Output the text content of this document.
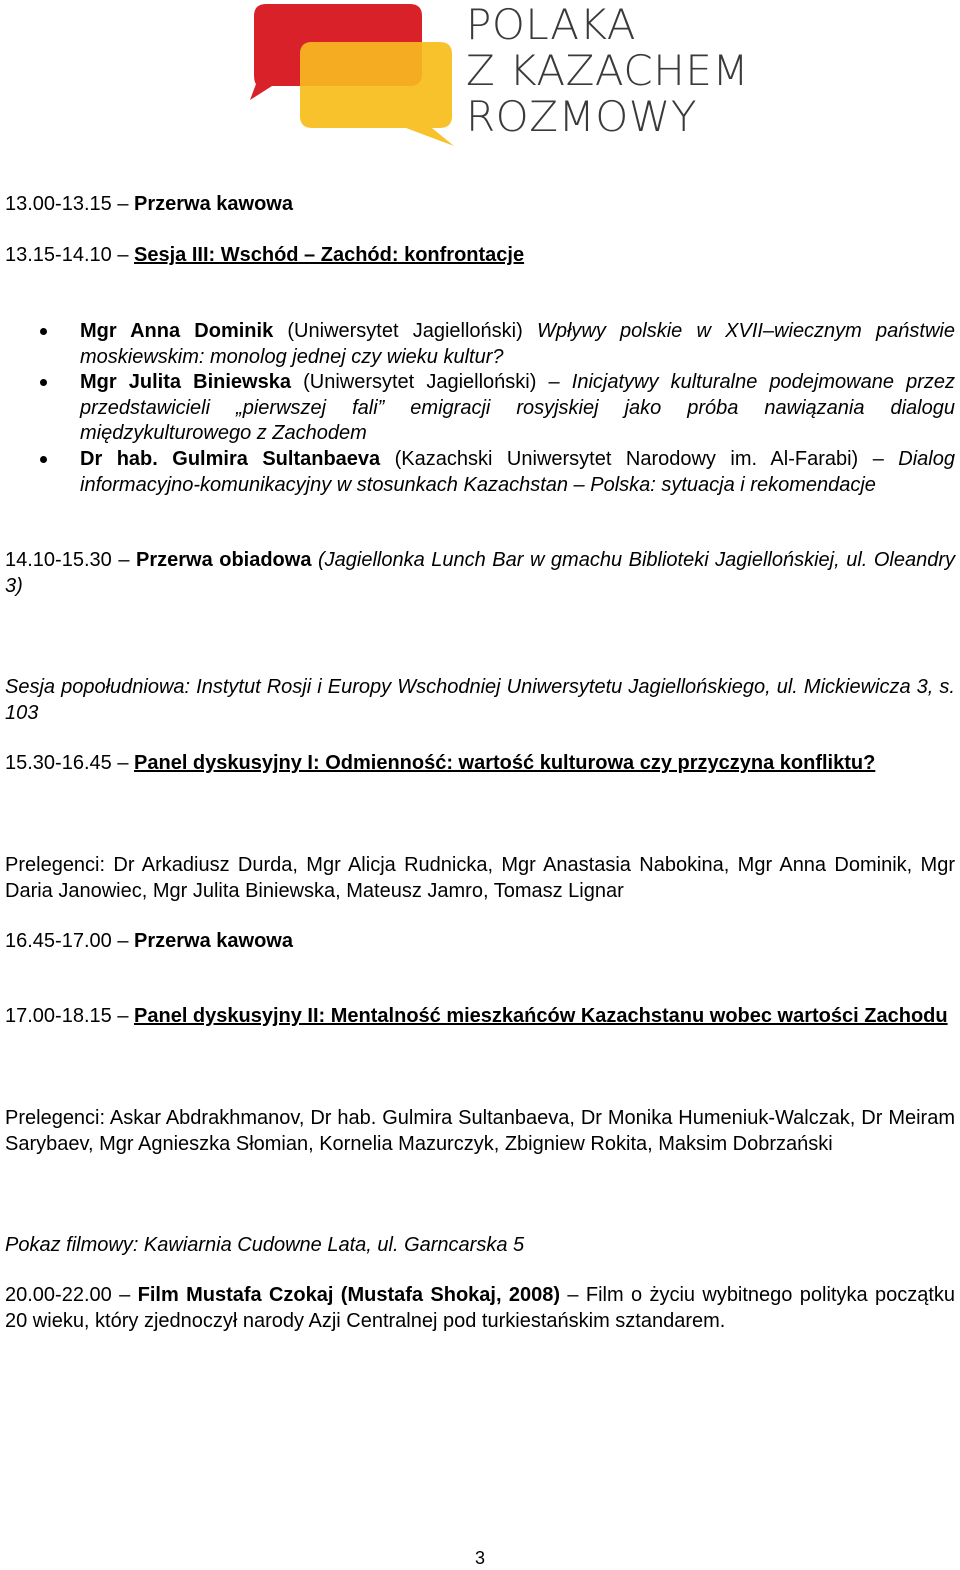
POLAKA
Z KAZACHEM
ROZMOWY
13.00-13.15 – Przerwa kawowa
13.15-14.10 – Sesja III: Wschód – Zachód: konfrontacje
Mgr Anna Dominik (Uniwersytet Jagielloński) Wpływy polskie w XVII–wiecznym państwie moskiewskim: monolog jednej czy wieku kultur?
Mgr Julita Biniewska (Uniwersytet Jagielloński) – Inicjatywy kulturalne podejmowane przez przedstawicieli „pierwszej fali” emigracji rosyjskiej jako próba nawiązania dialogu międzykulturowego z Zachodem
Dr hab. Gulmira Sultanbaeva (Kazachski Uniwersytet Narodowy im. Al-Farabi) – Dialog informacyjno-komunikacyjny w stosunkach Kazachstan – Polska: sytuacja i rekomendacje
14.10-15.30 – Przerwa obiadowa (Jagiellonka Lunch Bar w gmachu Biblioteki Jagiellońskiej, ul. Oleandry 3)
Sesja popołudniowa: Instytut Rosji i Europy Wschodniej Uniwersytetu Jagiellońskiego, ul. Mickiewicza 3, s. 103
15.30-16.45 – Panel dyskusyjny I: Odmienność: wartość kulturowa czy przyczyna konfliktu?
Prelegenci: Dr Arkadiusz Durda, Mgr Alicja Rudnicka, Mgr Anastasia Nabokina, Mgr Anna Dominik, Mgr Daria Janowiec, Mgr Julita Biniewska, Mateusz Jamro, Tomasz Lignar
16.45-17.00 – Przerwa kawowa
17.00-18.15 – Panel dyskusyjny II: Mentalność mieszkańców Kazachstanu wobec wartości Zachodu
Prelegenci: Askar Abdrakhmanov, Dr hab. Gulmira Sultanbaeva, Dr Monika Humeniuk-Walczak, Dr Meiram Sarybaev, Mgr Agnieszka Słomian, Kornelia Mazurczyk, Zbigniew Rokita, Maksim Dobrzański
Pokaz filmowy: Kawiarnia Cudowne Lata, ul. Garncarska 5
20.00-22.00 – Film Mustafa Czokaj (Mustafa Shokaj, 2008) – Film o życiu wybitnego polityka początku 20 wieku, który zjednoczył narody Azji Centralnej pod turkiestańskim sztandarem.
3
